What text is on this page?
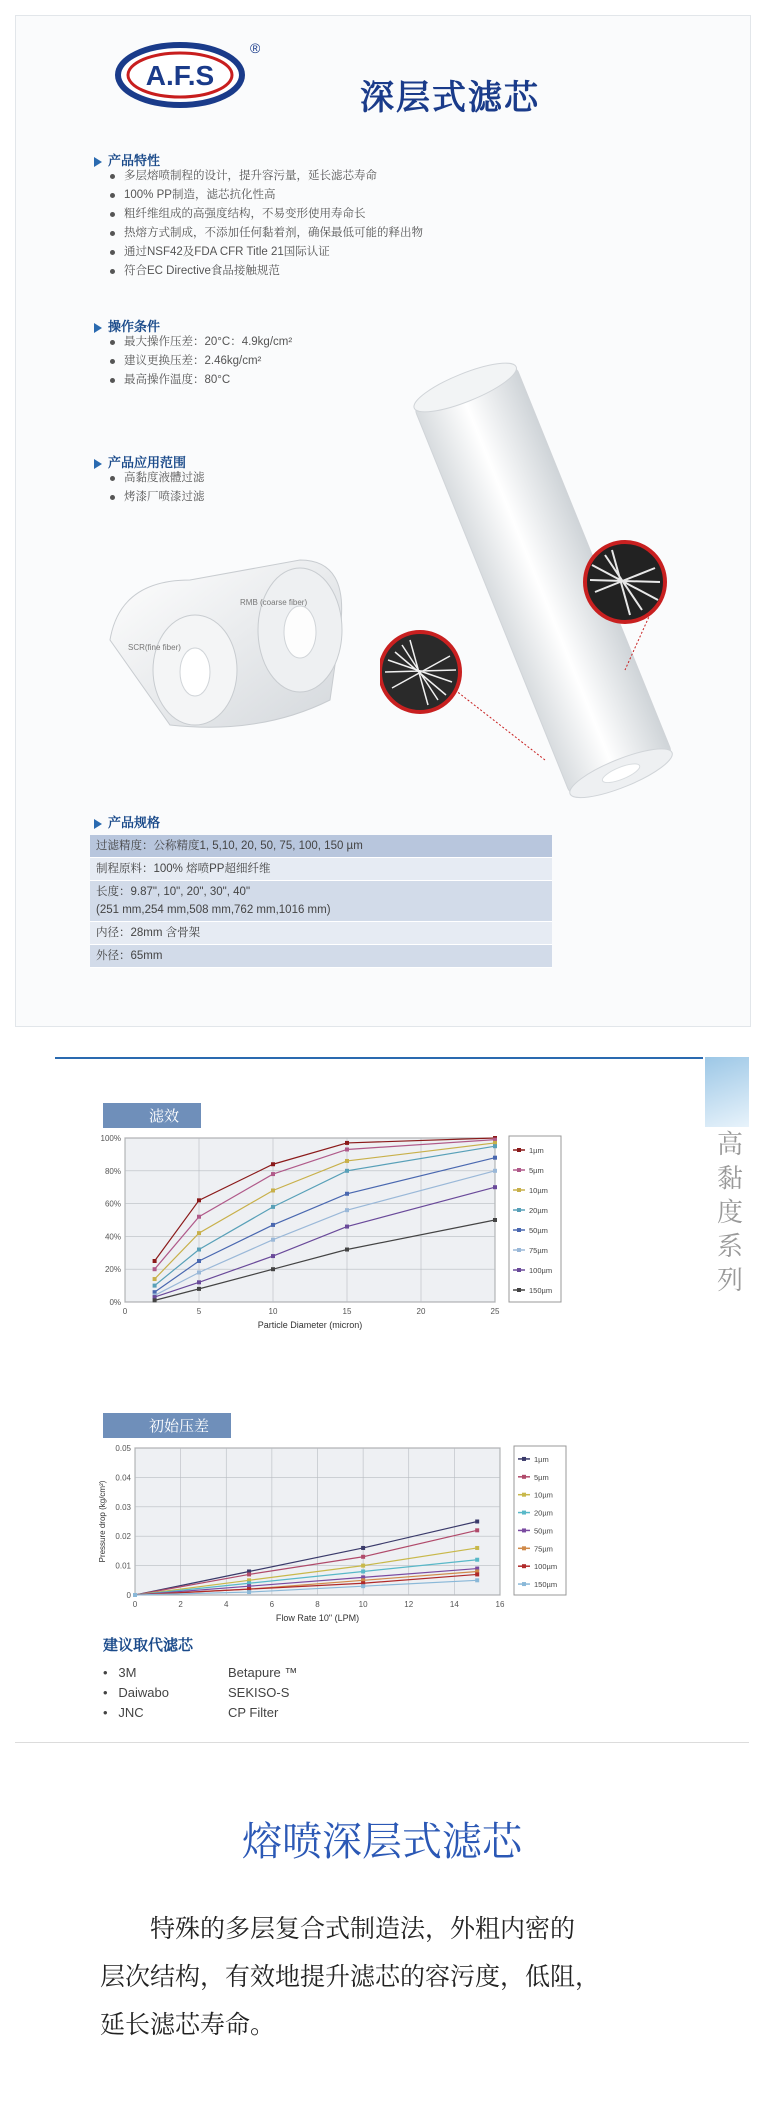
A.F.S
®
深层式滤芯
产品特性
多层熔喷制程的设计，提升容污量，延长滤芯寿命
100% PP制造，滤芯抗化性高
粗纤维组成的高强度结构，不易变形使用寿命长
热熔方式制成，不添加任何黏着剂，确保最低可能的释出物
通过NSF42及FDA CFR Title 21国际认证
符合EC Directive食品接触规范
操作条件
最大操作压差：20°C：4.9kg/cm²
建议更换压差：2.46kg/cm²
最高操作温度：80°C
产品应用范围
高黏度液體过滤
烤漆厂喷漆过滤
RMB (coarse fiber)
SCR(fine fiber)
产品规格
过滤精度：公称精度1, 5,10, 20, 50, 75, 100, 150 µm
制程原料：100% 熔喷PP超细纤维
长度：9.87", 10", 20", 30", 40"
(251 mm,254 mm,508 mm,762 mm,1016 mm)
内径：28mm 含骨架
外径：65mm
高
黏
度
系
列
滤效
0%
20%
40%
60%
80%
100%
0	5	10	15	20	25
Particle Diameter (micron)
1µm
5µm
10µm
20µm
50µm
75µm
100µm
150µm
初始压差
0
0.01
0.02
0.03
0.04
0.05
0	2	4	6	8	10	12	14	16
Flow Rate 10" (LPM)
Pressure drop (kg/cm²)
1µm
5µm
10µm
20µm
50µm
75µm
100µm
150µm
建议取代滤芯
•   3M	Betapure ™
•   Daiwabo	SEKISO-S
•   JNC	CP Filter
熔喷深层式滤芯
特殊的多层复合式制造法，外粗内密的
层次结构，有效地提升滤芯的容污度，低阻，
延长滤芯寿命。
